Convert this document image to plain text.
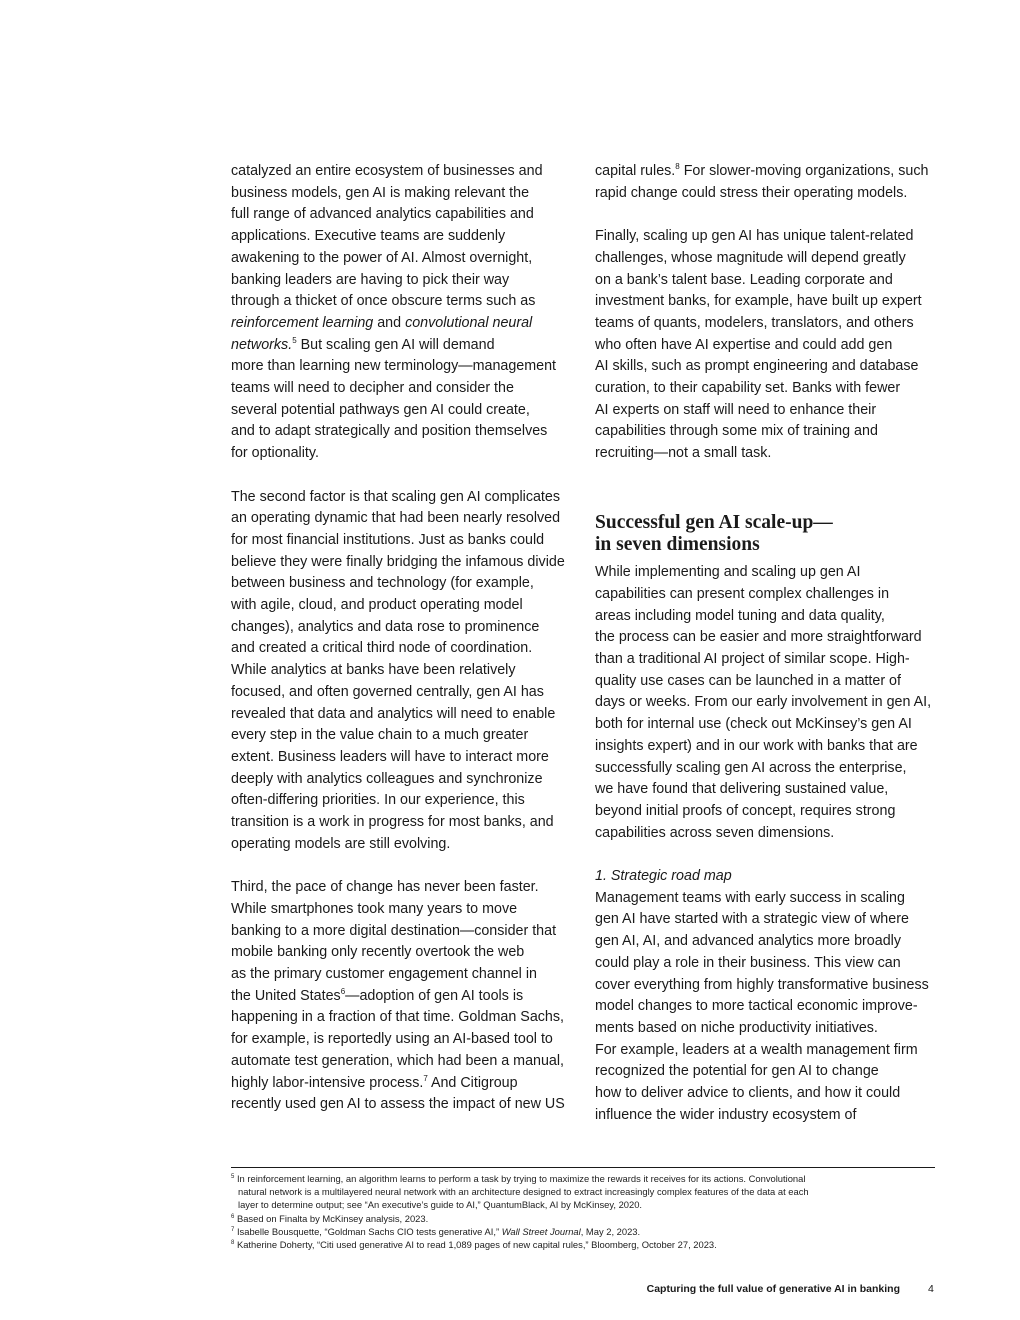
catalyzed an entire ecosystem of businesses and
business models, gen AI is making relevant the
full range of advanced analytics capabilities and
applications. Executive teams are suddenly
awakening to the power of AI. Almost overnight,
banking leaders are having to pick their way
through a thicket of once obscure terms such as
reinforcement learning and convolutional neural
networks.$^5$ But scaling gen AI will demand
more than learning new terminology—management
teams will need to decipher and consider the
several potential pathways gen AI could create,
and to adapt strategically and position themselves
for optionality.
The second factor is that scaling gen AI complicates
an operating dynamic that had been nearly resolved
for most financial institutions. Just as banks could
believe they were finally bridging the infamous divide
between business and technology (for example,
with agile, cloud, and product operating model
changes), analytics and data rose to prominence
and created a critical third node of coordination.
While analytics at banks have been relatively
focused, and often governed centrally, gen AI has
revealed that data and analytics will need to enable
every step in the value chain to a much greater
extent. Business leaders will have to interact more
deeply with analytics colleagues and synchronize
often-differing priorities. In our experience, this
transition is a work in progress for most banks, and
operating models are still evolving.
Third, the pace of change has never been faster.
While smartphones took many years to move
banking to a more digital destination—consider that
mobile banking only recently overtook the web
as the primary customer engagement channel in
the United States$^6$—adoption of gen AI tools is
happening in a fraction of that time. Goldman Sachs,
for example, is reportedly using an AI-based tool to
automate test generation, which had been a manual,
highly labor-intensive process.$^7$ And Citigroup
recently used gen AI to assess the impact of new US
capital rules.$^8$ For slower-moving organizations, such
rapid change could stress their operating models.
Finally, scaling up gen AI has unique talent-related
challenges, whose magnitude will depend greatly
on a bank’s talent base. Leading corporate and
investment banks, for example, have built up expert
teams of quants, modelers, translators, and others
who often have AI expertise and could add gen
AI skills, such as prompt engineering and database
curation, to their capability set. Banks with fewer
AI experts on staff will need to enhance their
capabilities through some mix of training and
recruiting—not a small task.
Successful gen AI scale-up—
in seven dimensions
While implementing and scaling up gen AI
capabilities can present complex challenges in
areas including model tuning and data quality,
the process can be easier and more straightforward
than a traditional AI project of similar scope. High-
quality use cases can be launched in a matter of
days or weeks. From our early involvement in gen AI,
both for internal use (check out McKinsey’s gen AI
insights expert) and in our work with banks that are
successfully scaling gen AI across the enterprise,
we have found that delivering sustained value,
beyond initial proofs of concept, requires strong
capabilities across seven dimensions.
1. Strategic road map
Management teams with early success in scaling
gen AI have started with a strategic view of where
gen AI, AI, and advanced analytics more broadly
could play a role in their business. This view can
cover everything from highly transformative business
model changes to more tactical economic improve-
ments based on niche productivity initiatives.
For example, leaders at a wealth management firm
recognized the potential for gen AI to change
how to deliver advice to clients, and how it could
influence the wider industry ecosystem of
$^5$ In reinforcement learning, an algorithm learns to perform a task by trying to maximize the rewards it receives for its actions. Convolutional
natural network is a multilayered neural network with an architecture designed to extract increasingly complex features of the data at each
layer to determine output; see “An executive’s guide to AI,” QuantumBlack, AI by McKinsey, 2020.
$^6$ Based on Finalta by McKinsey analysis, 2023.
$^7$ Isabelle Bousquette, “Goldman Sachs CIO tests generative AI,” Wall Street Journal, May 2, 2023.
$^8$ Katherine Doherty, “Citi used generative AI to read 1,089 pages of new capital rules,” Bloomberg, October 27, 2023.
Capturing the full value of generative AI in banking	4
